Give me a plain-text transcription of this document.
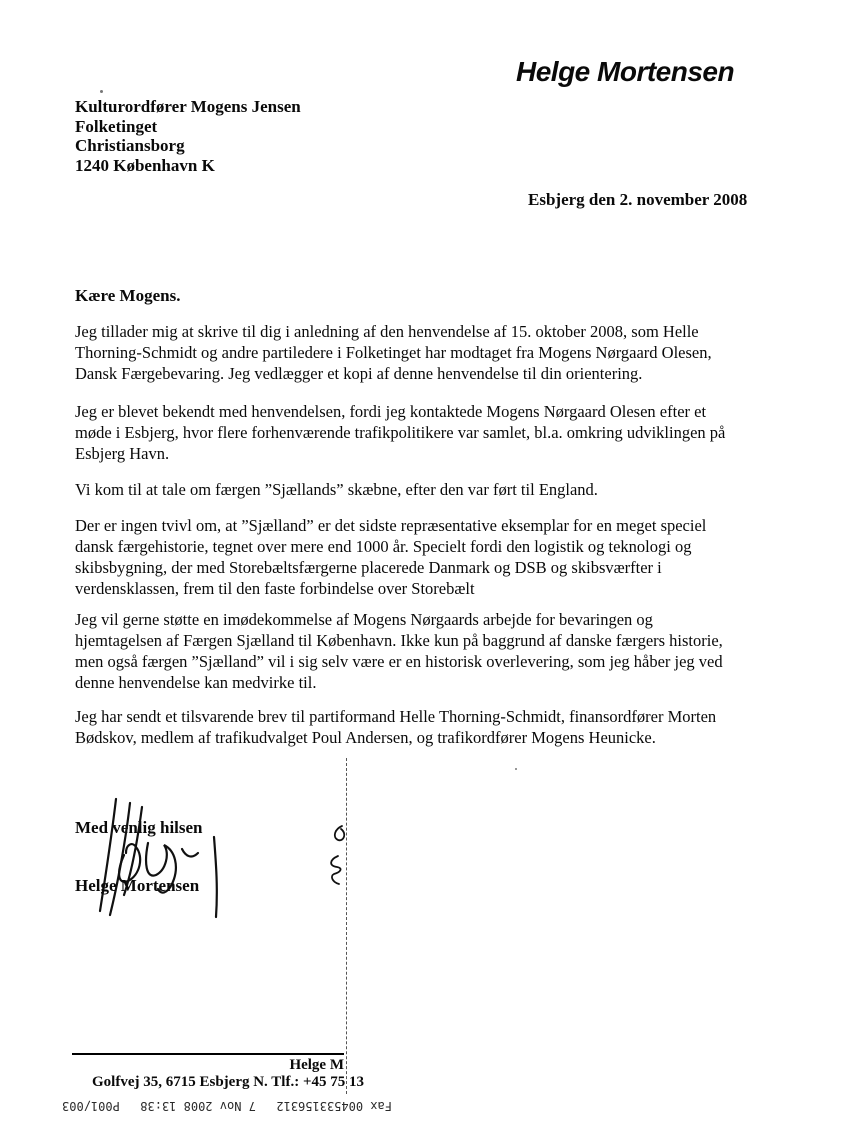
Helge Mortensen
Kulturordfører Mogens Jensen
Folketinget
Christiansborg
1240 København K
Esbjerg den 2. november 2008
Kære Mogens.
Jeg tillader mig at skrive til dig i anledning af den henvendelse af 15. oktober 2008, som Helle
Thorning-Schmidt og andre partiledere i Folketinget har modtaget fra Mogens Nørgaard Olesen,
Dansk Færgebevaring. Jeg vedlægger et kopi af denne henvendelse til din orientering.
Jeg er blevet bekendt med henvendelsen, fordi jeg kontaktede Mogens Nørgaard Olesen efter et
møde i Esbjerg, hvor flere forhenværende trafikpolitikere var samlet, bl.a. omkring udviklingen på
Esbjerg Havn.
Vi kom til at tale om færgen ”Sjællands” skæbne, efter den var ført til England.
Der er ingen tvivl om, at ”Sjælland” er det sidste repræsentative eksemplar for en meget speciel
dansk færgehistorie, tegnet over mere end 1000 år. Specielt fordi den logistik og teknologi og
skibsbygning, der med Storebæltsfærgerne placerede Danmark og DSB og skibsværfter i
verdensklassen, frem til den faste forbindelse over Storebælt
Jeg vil gerne støtte en imødekommelse af Mogens Nørgaards arbejde for bevaringen og
hjemtagelsen af Færgen Sjælland til København. Ikke kun på baggrund af danske færgers historie,
men også færgen ”Sjælland” vil i sig selv være er en historisk overlevering, som jeg håber jeg ved
denne henvendelse kan medvirke til.
Jeg har sendt et tilsvarende brev til partiformand Helle Thorning-Schmidt, finansordfører Morten
Bødskov, medlem af trafikudvalget Poul Andersen, og trafikordfører Mogens Heunicke.
Med venlig hilsen
Helge Mortensen
Helge M
Golfvej 35, 6715 Esbjerg N. Tlf.: +45 75 13
Fax 004533156312
7 Nov 2008 13:38
P001/003
